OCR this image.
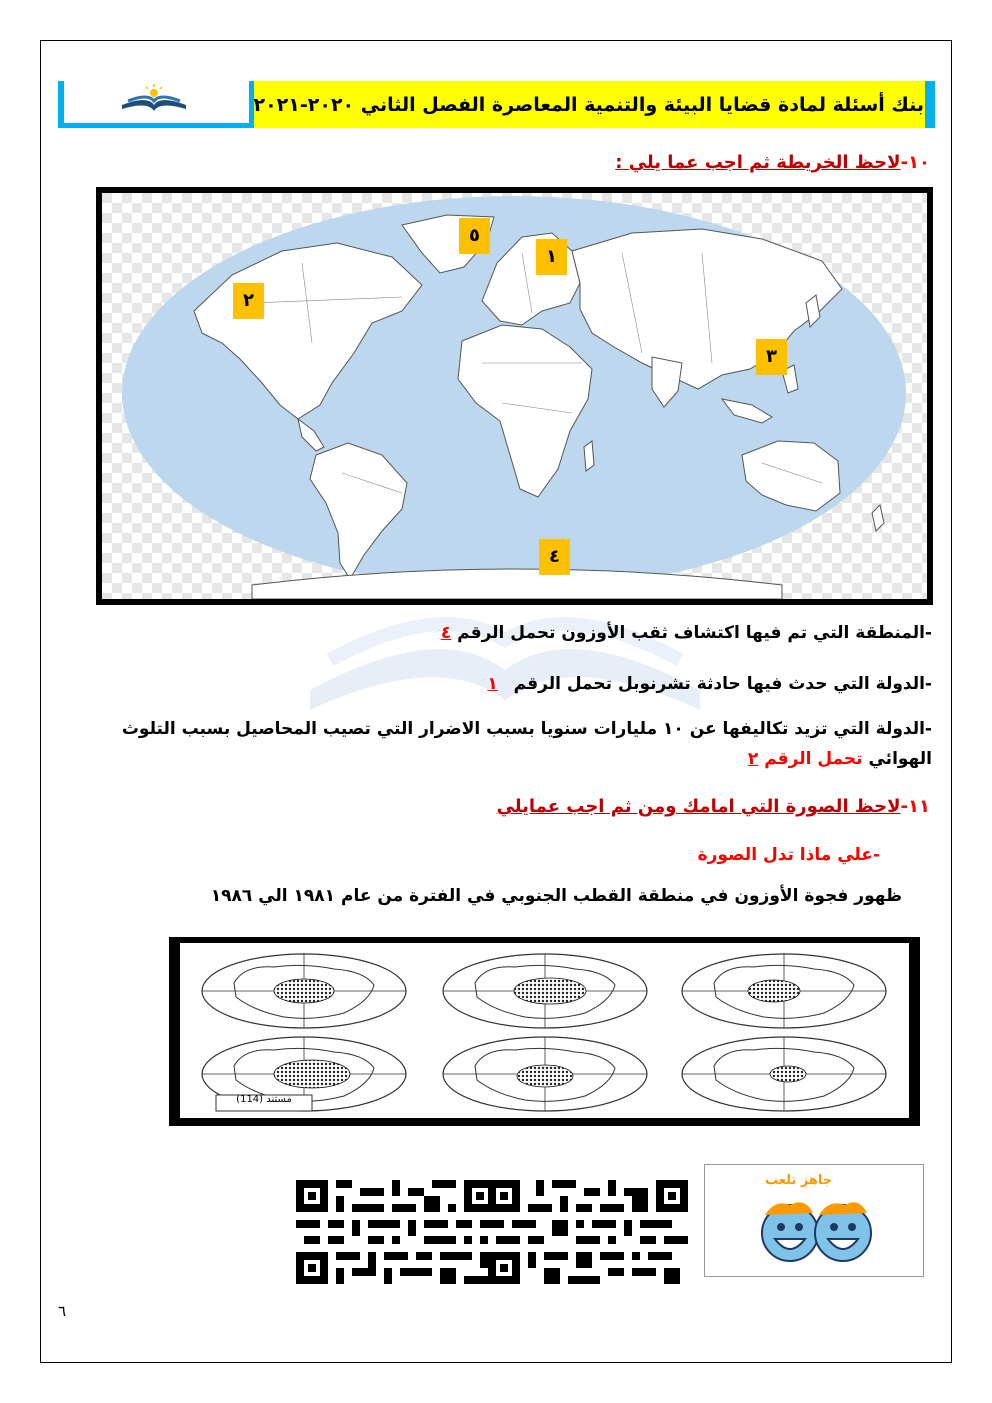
بنك أسئلة لمادة قضايا البيئة والتنمية المعاصرة الفصل الثاني ٢٠٢٠-٢٠٢١
١٠-لاحظ الخريطة ثم اجب عما يلي :
٥
١
٢
٣
٤
-المنطقة التي تم فيها اكتشاف ثقب الأوزون تحمل الرقم ٤
-الدولة التي حدث فيها حادثة تشرنوبل تحمل الرقم ١
-الدولة التي تزيد تكاليفها عن ١٠ مليارات سنويا بسبب الاضرار التي تصيب المحاصيل بسبب التلوث
الهوائي تحمل الرقم ٢
١١-لاحظ الصورة التي امامك ومن ثم اجب عمايلي
-علي ماذا تدل الصورة
ظهور فجوة الأوزون في منطقة القطب الجنوبي في الفترة من عام ١٩٨١ الي ١٩٨٦
مستند (114)
جاهز تلعب
٦
